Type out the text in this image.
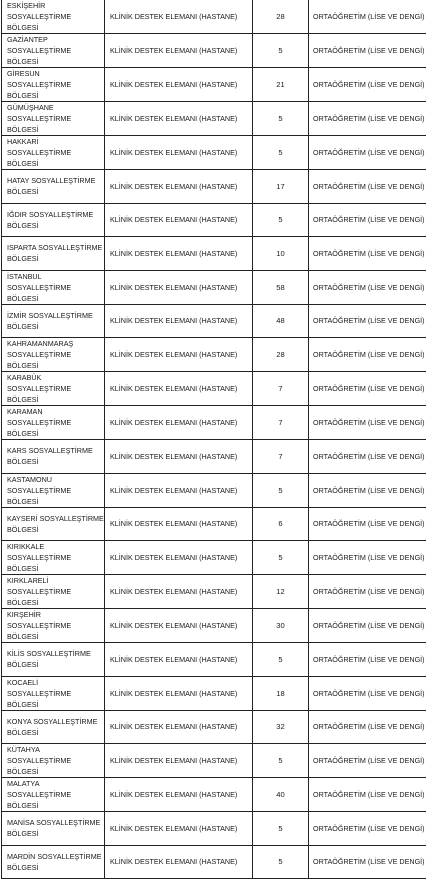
ESKİŞEHİR SOSYALLEŞTİRME BÖLGESİ	KLİNİK DESTEK ELEMANI (HASTANE)	28	ORTAÖĞRETİM (LİSE VE DENGİ)
GAZİANTEP SOSYALLEŞTİRME BÖLGESİ	KLİNİK DESTEK ELEMANI (HASTANE)	5	ORTAÖĞRETİM (LİSE VE DENGİ)
GİRESUN SOSYALLEŞTİRME BÖLGESİ	KLİNİK DESTEK ELEMANI (HASTANE)	21	ORTAÖĞRETİM (LİSE VE DENGİ)
GÜMÜŞHANE SOSYALLEŞTİRME BÖLGESİ	KLİNİK DESTEK ELEMANI (HASTANE)	5	ORTAÖĞRETİM (LİSE VE DENGİ)
HAKKARİ SOSYALLEŞTİRME BÖLGESİ	KLİNİK DESTEK ELEMANI (HASTANE)	5	ORTAÖĞRETİM (LİSE VE DENGİ)
HATAY SOSYALLEŞTİRME BÖLGESİ	KLİNİK DESTEK ELEMANI (HASTANE)	17	ORTAÖĞRETİM (LİSE VE DENGİ)
IĞDIR SOSYALLEŞTİRME BÖLGESİ	KLİNİK DESTEK ELEMANI (HASTANE)	5	ORTAÖĞRETİM (LİSE VE DENGİ)
ISPARTA SOSYALLEŞTİRME BÖLGESİ	KLİNİK DESTEK ELEMANI (HASTANE)	10	ORTAÖĞRETİM (LİSE VE DENGİ)
İSTANBUL SOSYALLEŞTİRME BÖLGESİ	KLİNİK DESTEK ELEMANI (HASTANE)	58	ORTAÖĞRETİM (LİSE VE DENGİ)
İZMİR SOSYALLEŞTİRME BÖLGESİ	KLİNİK DESTEK ELEMANI (HASTANE)	48	ORTAÖĞRETİM (LİSE VE DENGİ)
KAHRAMANMARAŞ SOSYALLEŞTİRME BÖLGESİ	KLİNİK DESTEK ELEMANI (HASTANE)	28	ORTAÖĞRETİM (LİSE VE DENGİ)
KARABÜK SOSYALLEŞTİRME BÖLGESİ	KLİNİK DESTEK ELEMANI (HASTANE)	7	ORTAÖĞRETİM (LİSE VE DENGİ)
KARAMAN SOSYALLEŞTİRME BÖLGESİ	KLİNİK DESTEK ELEMANI (HASTANE)	7	ORTAÖĞRETİM (LİSE VE DENGİ)
KARS SOSYALLEŞTİRME BÖLGESİ	KLİNİK DESTEK ELEMANI (HASTANE)	7	ORTAÖĞRETİM (LİSE VE DENGİ)
KASTAMONU SOSYALLEŞTİRME BÖLGESİ	KLİNİK DESTEK ELEMANI (HASTANE)	5	ORTAÖĞRETİM (LİSE VE DENGİ)
KAYSERİ SOSYALLEŞTİRME BÖLGESİ	KLİNİK DESTEK ELEMANI (HASTANE)	6	ORTAÖĞRETİM (LİSE VE DENGİ)
KIRIKKALE SOSYALLEŞTİRME BÖLGESİ	KLİNİK DESTEK ELEMANI (HASTANE)	5	ORTAÖĞRETİM (LİSE VE DENGİ)
KIRKLARELİ SOSYALLEŞTİRME BÖLGESİ	KLİNİK DESTEK ELEMANI (HASTANE)	12	ORTAÖĞRETİM (LİSE VE DENGİ)
KIRŞEHİR SOSYALLEŞTİRME BÖLGESİ	KLİNİK DESTEK ELEMANI (HASTANE)	30	ORTAÖĞRETİM (LİSE VE DENGİ)
KİLİS SOSYALLEŞTİRME BÖLGESİ	KLİNİK DESTEK ELEMANI (HASTANE)	5	ORTAÖĞRETİM (LİSE VE DENGİ)
KOCAELİ SOSYALLEŞTİRME BÖLGESİ	KLİNİK DESTEK ELEMANI (HASTANE)	18	ORTAÖĞRETİM (LİSE VE DENGİ)
KONYA SOSYALLEŞTİRME BÖLGESİ	KLİNİK DESTEK ELEMANI (HASTANE)	32	ORTAÖĞRETİM (LİSE VE DENGİ)
KÜTAHYA SOSYALLEŞTİRME BÖLGESİ	KLİNİK DESTEK ELEMANI (HASTANE)	5	ORTAÖĞRETİM (LİSE VE DENGİ)
MALATYA SOSYALLEŞTİRME BÖLGESİ	KLİNİK DESTEK ELEMANI (HASTANE)	40	ORTAÖĞRETİM (LİSE VE DENGİ)
MANİSA SOSYALLEŞTİRME BÖLGESİ	KLİNİK DESTEK ELEMANI (HASTANE)	5	ORTAÖĞRETİM (LİSE VE DENGİ)
MARDİN SOSYALLEŞTİRME BÖLGESİ	KLİNİK DESTEK ELEMANI (HASTANE)	5	ORTAÖĞRETİM (LİSE VE DENGİ)
